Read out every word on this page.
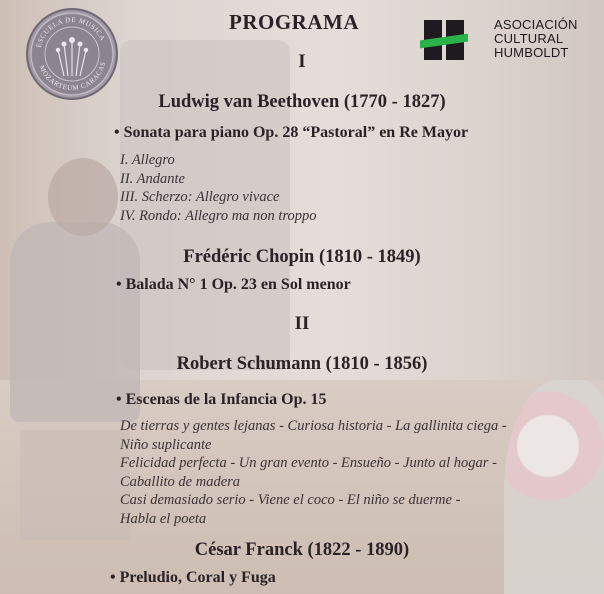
ESCUELA DE MUSICA
MOZARTEUM CARACAS
ASOCIACIÓN
CULTURAL
HUMBOLDT
PROGRAMA
I
Ludwig van Beethoven (1770 - 1827)
• Sonata para piano Op. 28 “Pastoral” en Re Mayor
I. Allegro
II. Andante
III. Scherzo: Allegro vivace
IV. Rondo: Allegro ma non troppo
Frédéric Chopin (1810 - 1849)
• Balada N° 1 Op. 23 en Sol menor
II
Robert Schumann (1810 - 1856)
• Escenas de la Infancia Op. 15
De tierras y gentes lejanas - Curiosa historia - La gallinita ciega -
Niño suplicante
Felicidad perfecta - Un gran evento - Ensueño - Junto al hogar -
Caballito de madera
Casi demasiado serio - Viene el coco - El niño se duerme -
Habla el poeta
César Franck (1822 - 1890)
• Preludio, Coral y Fuga
